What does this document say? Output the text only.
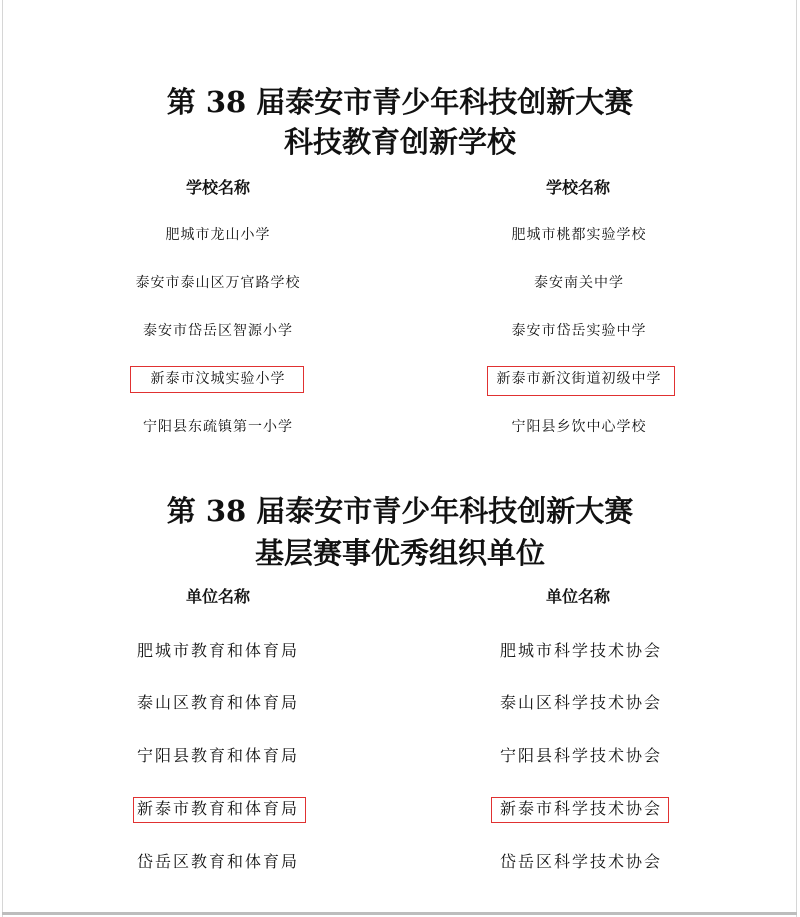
第 38 届泰安市青少年科技创新大赛
科技教育创新学校
学校名称	学校名称
肥城市龙山小学
泰安市泰山区万官路学校
泰安市岱岳区智源小学
新泰市汶城实验小学
宁阳县东疏镇第一小学
肥城市桃都实验学校
泰安南关中学
泰安市岱岳实验中学
新泰市新汶街道初级中学
宁阳县乡饮中心学校
第 38 届泰安市青少年科技创新大赛
基层赛事优秀组织单位
单位名称	单位名称
肥城市教育和体育局
泰山区教育和体育局
宁阳县教育和体育局
新泰市教育和体育局
岱岳区教育和体育局
肥城市科学技术协会
泰山区科学技术协会
宁阳县科学技术协会
新泰市科学技术协会
岱岳区科学技术协会
